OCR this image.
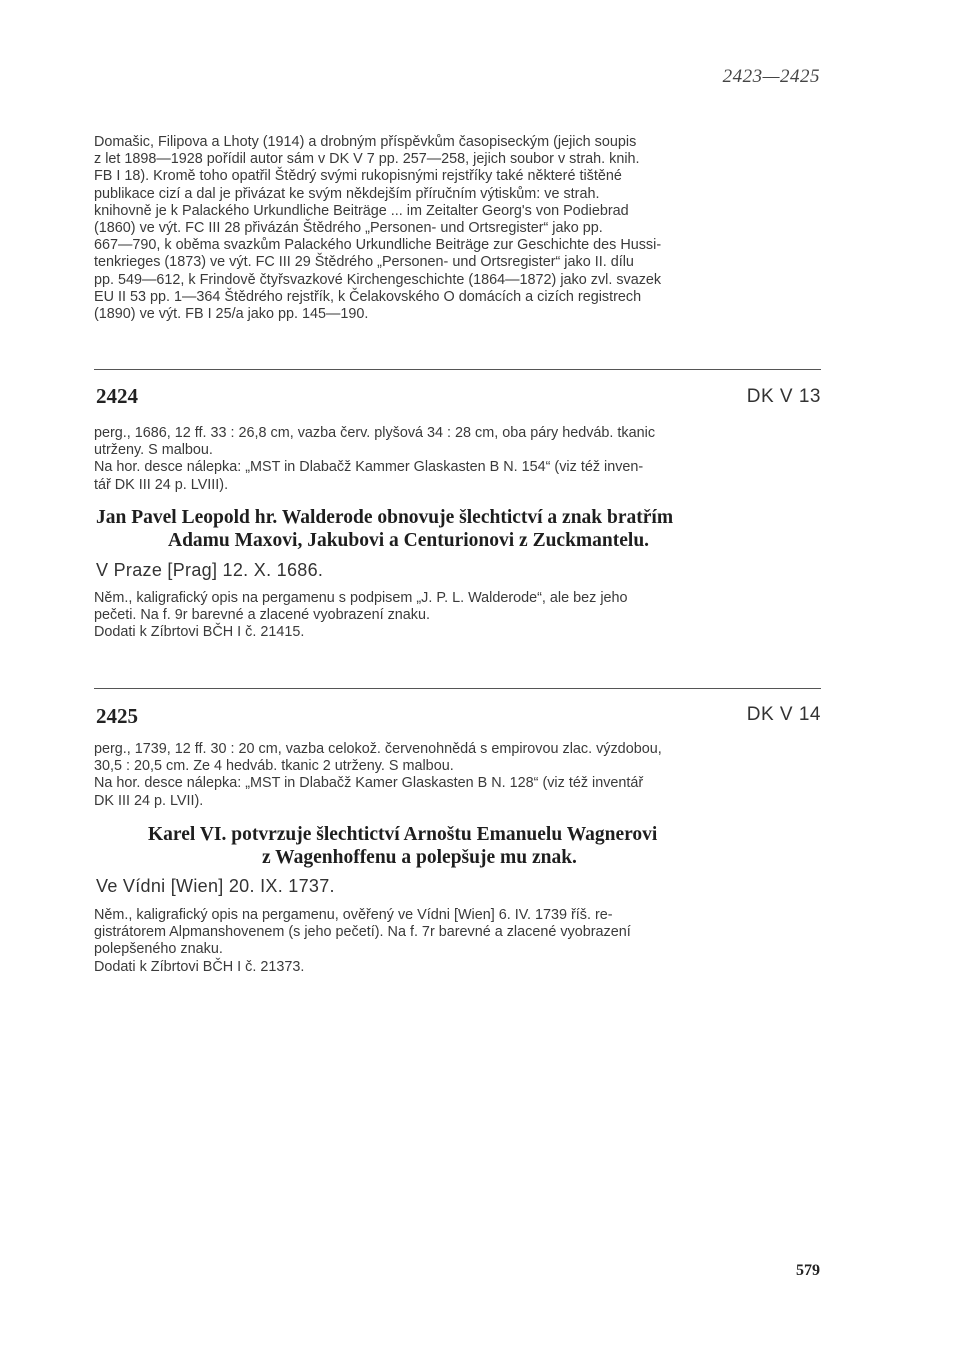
2423—2425

Domašic, Filipova a Lhoty (1914) a drobným příspěvkům časopiseckým (jejich soupis

z let 1898—1928 pořídil autor sám v DK V 7 pp. 257—258, jejich soubor v strah. knih.

FB I 18). Kromě toho opatřil Štědrý svými rukopisnými rejstříky také některé tištěné

publikace cizí a dal je přivázat ke svým někdejším příručním výtiskům: ve strah.

knihovně je k Palackého Urkundliche Beiträge ... im Zeitalter Georg's von Podiebrad

(1860) ve výt. FC III 28 přivázán Štědrého „Personen- und Ortsregister“ jako pp.

667—790, k oběma svazkům Palackého Urkundliche Beiträge zur Geschichte des Hussi-

tenkrieges (1873) ve výt. FC III 29 Štědrého „Personen- und Ortsregister“ jako II. dílu

pp. 549—612, k Frindově čtyřsvazkové Kirchengeschichte (1864—1872) jako zvl. svazek

EU II 53 pp. 1—364 Štědrého rejstřík, k Čelakovského O domácích a cizích registrech

(1890) ve výt. FB I 25/a jako pp. 145—190.

2424	DK V 13

perg., 1686, 12 ff. 33 : 26,8 cm, vazba červ. plyšová 34 : 28 cm, oba páry hedváb. tkanic

utrženy. S malbou.

Na hor. desce nálepka: „MST in Dlabačž Kammer Glaskasten B N. 154“ (viz též inven-

tář DK III 24 p. LVIII).

Jan Pavel Leopold hr. Walderode obnovuje šlechtictví a znak bratřím
Adamu Maxovi, Jakubovi a Centurionovi z Zuckmantelu.
V Praze [Prag] 12. X. 1686.

Něm., kaligrafický opis na pergamenu s podpisem „J. P. L. Walderode“, ale bez jeho

pečeti. Na f. 9r barevné a zlacené vyobrazení znaku.

Dodati k Zíbrtovi BČH I č. 21415.

2425	DK V 14

perg., 1739, 12 ff. 30 : 20 cm, vazba celokož. červenohnědá s empirovou zlac. výzdobou,

30,5 : 20,5 cm. Ze 4 hedváb. tkanic 2 utrženy. S malbou.

Na hor. desce nálepka: „MST in Dlabačž Kamer Glaskasten B N. 128“ (viz též inventář

DK III 24 p. LVII).

Karel VI. potvrzuje šlechtictví Arnoštu Emanuelu Wagnerovi
z Wagenhoffenu a polepšuje mu znak.
Ve Vídni [Wien] 20. IX. 1737.

Něm., kaligrafický opis na pergamenu, ověřený ve Vídni [Wien] 6. IV. 1739 říš. re-

gistrátorem Alpmanshovenem (s jeho pečetí). Na f. 7r barevné a zlacené vyobrazení

polepšeného znaku.

Dodati k Zíbrtovi BČH I č. 21373.

579
